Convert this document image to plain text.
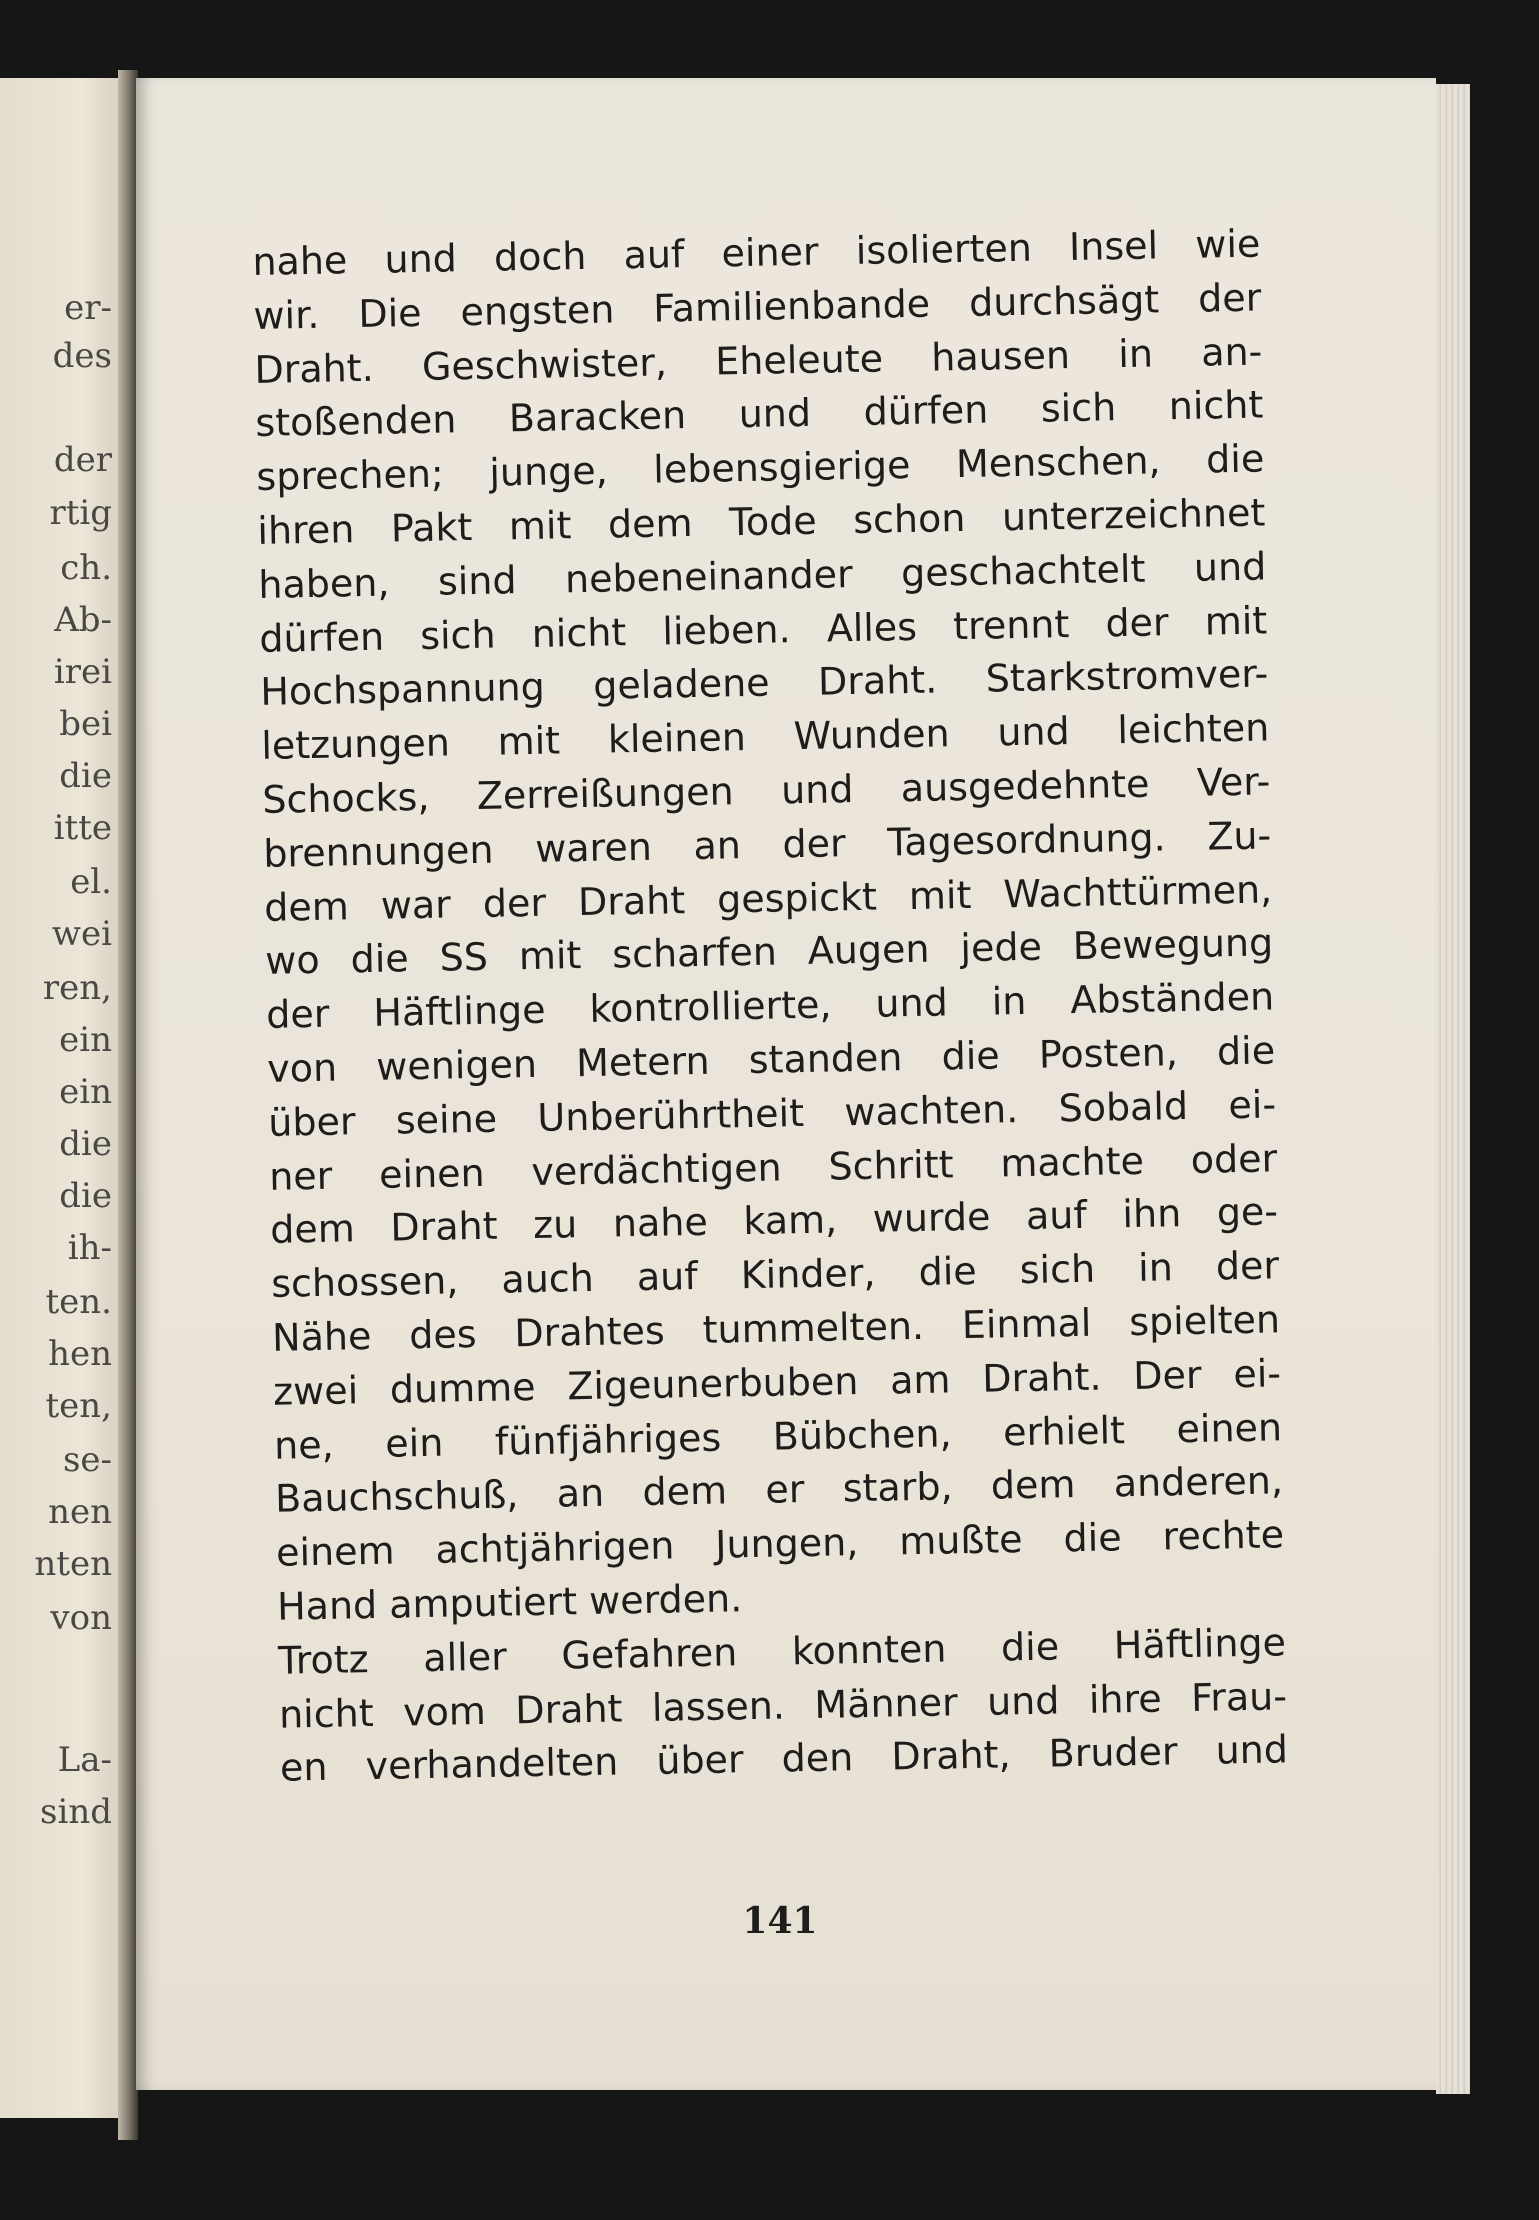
er-
des
der
rtig
ch.
Ab-
irei
bei
die
itte
el.
wei
ren,
ein
ein
die
die
ih-
ten.
hen
ten,
se-
nen
nten
von
La-
sind
nahe und doch auf einer isolierten Insel wie
wir. Die engsten Familienbande durchsägt der
Draht. Geschwister, Eheleute hausen in an-
stoßenden Baracken und dürfen sich nicht
sprechen; junge, lebensgierige Menschen, die
ihren Pakt mit dem Tode schon unterzeichnet
haben, sind nebeneinander geschachtelt und
dürfen sich nicht lieben. Alles trennt der mit
Hochspannung geladene Draht. Starkstromver-
letzungen mit kleinen Wunden und leichten
Schocks, Zerreißungen und ausgedehnte Ver-
brennungen waren an der Tagesordnung. Zu-
dem war der Draht gespickt mit Wachttürmen,
wo die SS mit scharfen Augen jede Bewegung
der Häftlinge kontrollierte, und in Abständen
von wenigen Metern standen die Posten, die
über seine Unberührtheit wachten. Sobald ei-
ner einen verdächtigen Schritt machte oder
dem Draht zu nahe kam, wurde auf ihn ge-
schossen, auch auf Kinder, die sich in der
Nähe des Drahtes tummelten. Einmal spielten
zwei dumme Zigeunerbuben am Draht. Der ei-
ne, ein fünfjähriges Bübchen, erhielt einen
Bauchschuß, an dem er starb, dem anderen,
einem achtjährigen Jungen, mußte die rechte
Hand amputiert werden.
Trotz aller Gefahren konnten die Häftlinge
nicht vom Draht lassen. Männer und ihre Frau-
en verhandelten über den Draht, Bruder und
141
